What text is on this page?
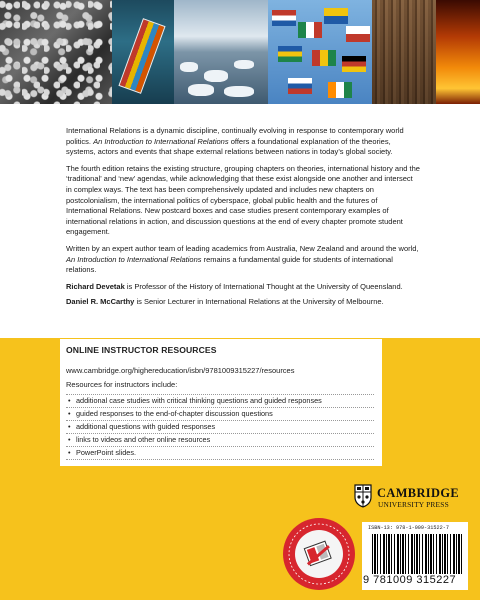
International Relations is a dynamic discipline, continually evolving in response to contemporary world politics. An Introduction to International Relations offers a foundational explanation of the theories, systems, actors and events that shape external relations between nations in today’s global society.

The fourth edition retains the existing structure, grouping chapters on theories, international history and the ‘traditional’ and ‘new’ agendas, while acknowledging that these exist alongside one another and intersect in complex ways. The text has been comprehensively updated and includes new chapters on postcolonialism, the international politics of cyberspace, global public health and the futures of International Relations. New postcard boxes and case studies present contemporary examples of international relations in action, and discussion questions at the end of every chapter promote student engagement.

Written by an expert author team of leading academics from Australia, New Zealand and around the world, An Introduction to International Relations remains a fundamental guide for students of international relations.

Richard Devetak is Professor of the History of International Thought at the University of Queensland.

Daniel R. McCarthy is Senior Lecturer in International Relations at the University of Melbourne.

ONLINE INSTRUCTOR RESOURCES
www.cambridge.org/highereducation/isbn/9781009315227/resources
Resources for instructors include:
• additional case studies with critical thinking questions and guided responses
• guided responses to the end-of-chapter discussion questions
• additional questions with guided responses
• links to videos and other online resources
• PowerPoint slides.
CAMBRIDGE
UNIVERSITY PRESS
ISBN-13: 978-1-009-31522-7
9 781009 315227
